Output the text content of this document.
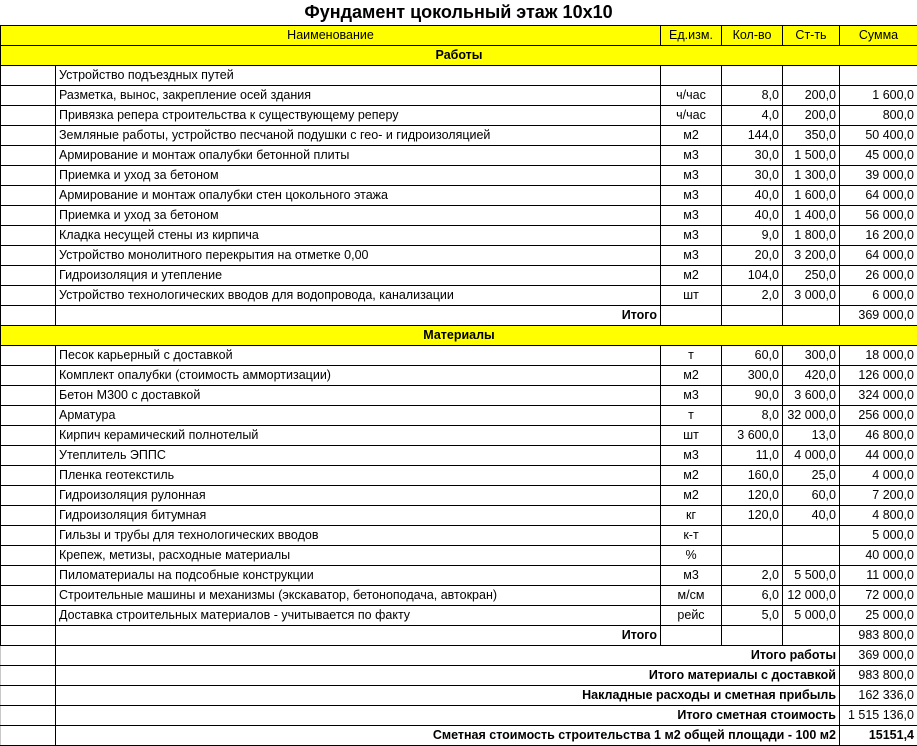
Фундамент цокольный этаж 10х10
Наименование		Ед.изм.	Кол-во	Ст-ть	Сумма
Работы					
	Устройство подъездных путей				
	Разметка, вынос, закрепление осей здания	ч/час	8,0	200,0	1 600,0
	Привязка репера строительства к существующему реперу	ч/час	4,0	200,0	800,0
	Земляные работы, устройство песчаной подушки с гео- и гидроизоляцией	м2	144,0	350,0	50 400,0
	Армирование и монтаж опалубки бетонной плиты	м3	30,0	1 500,0	45 000,0
	Приемка и уход за бетоном	м3	30,0	1 300,0	39 000,0
	Армирование и монтаж опалубки стен цокольного этажа	м3	40,0	1 600,0	64 000,0
	Приемка и уход за бетоном	м3	40,0	1 400,0	56 000,0
	Кладка несущей стены из кирпича	м3	9,0	1 800,0	16 200,0
	Устройство монолитного перекрытия на отметке 0,00	м3	20,0	3 200,0	64 000,0
	Гидроизоляция и утепление	м2	104,0	250,0	26 000,0
	Устройство технологических вводов для водопровода, канализации	шт	2,0	3 000,0	6 000,0
	Итого				369 000,0
Материалы					
	Песок карьерный с доставкой	т	60,0	300,0	18 000,0
	Комплект опалубки (стоимость аммортизации)	м2	300,0	420,0	126 000,0
	Бетон М300 с доставкой	м3	90,0	3 600,0	324 000,0
	Арматура	т	8,0	32 000,0	256 000,0
	Кирпич керамический полнотелый	шт	3 600,0	13,0	46 800,0
	Утеплитель ЭППС	м3	11,0	4 000,0	44 000,0
	Пленка геотекстиль	м2	160,0	25,0	4 000,0
	Гидроизоляция рулонная	м2	120,0	60,0	7 200,0
	Гидроизоляция битумная	кг	120,0	40,0	4 800,0
	Гильзы и трубы для технологических вводов	к-т			5 000,0
	Крепеж, метизы, расходные материалы	%			40 000,0
	Пиломатериалы на подсобные конструкции	м3	2,0	5 500,0	11 000,0
	Строительные машины и механизмы (экскаватор, бетоноподача, автокран)	м/см	6,0	12 000,0	72 000,0
	Доставка строительных материалов - учитывается по факту	рейс	5,0	5 000,0	25 000,0
	Итого				983 800,0
	Итого работы				369 000,0
	Итого материалы с доставкой				983 800,0
	Накладные расходы и сметная прибыль				162 336,0
	Итого сметная стоимость				1 515 136,0
	Сметная стоимость строительства 1 м2 общей площади - 100 м2				15151,4
